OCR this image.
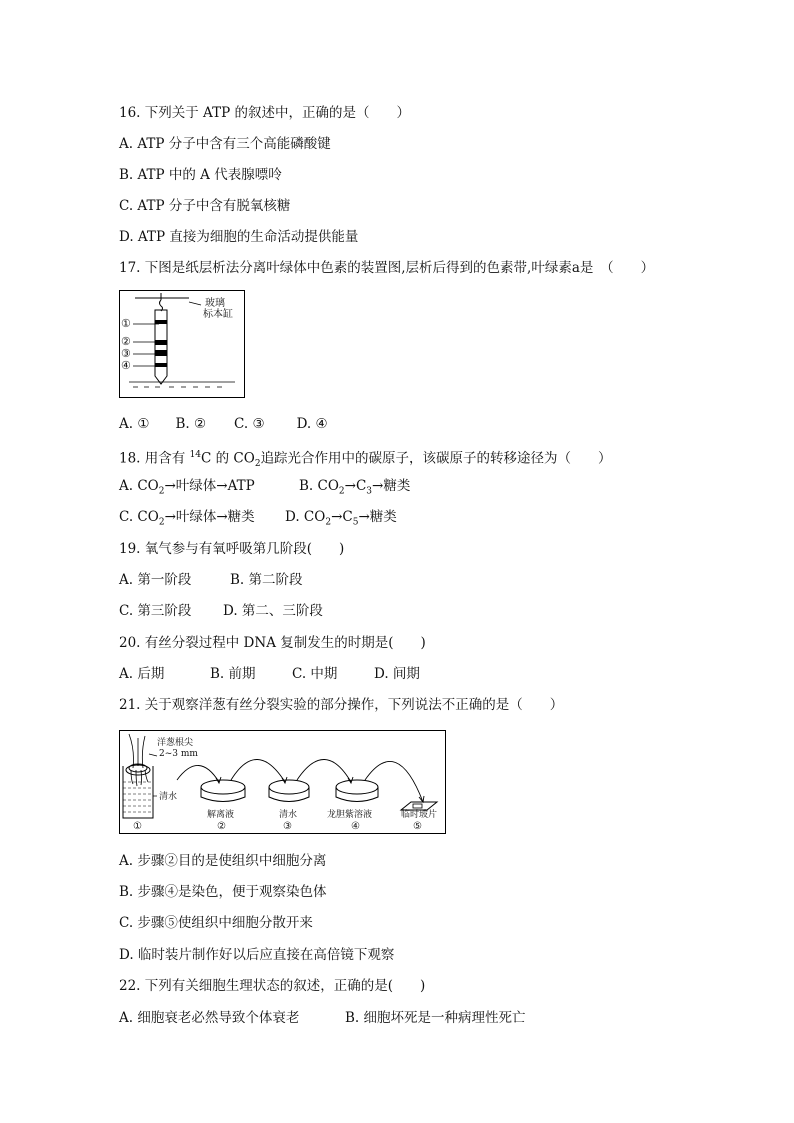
16. 下列关于 ATP 的叙述中，正确的是（　　）
A. ATP 分子中含有三个高能磷酸键
B. ATP 中的 A 代表腺嘌呤
C. ATP 分子中含有脱氧核糖
D. ATP 直接为细胞的生命活动提供能量
17. 下图是纸层析法分离叶绿体中色素的装置图,层析后得到的色素带,叶绿素a是　（　　）
玻璃
标本缸
①
②
③
④
A. ① B. ② C. ③ D. ④
18. 用含有 $^{14}$C 的 $CO_2$追踪光合作用中的碳原子，该碳原子的转移途径为（　　）
A. $CO_2\to$叶绿体→ATP	B. $CO_2\to C_3\to$糖类
C. $CO_2\to$叶绿体→糖类 D. $CO_2\to C_5\to$糖类
19. 氧气参与有氧呼吸第几阶段(　　)
A. 第一阶段	B. 第二阶段
C. 第三阶段 D. 第二、三阶段
20. 有丝分裂过程中 DNA 复制发生的时期是(　　)
A. 后期	B. 前期	C. 中期	D. 间期
21. 关于观察洋葱有丝分裂实验的部分操作，下列说法不正确的是（　　）
洋葱根尖
2~3 mm
清水
解离液	清水	龙胆紫溶液	临时玻片
①	②	③	④	⑤
A. 步骤②目的是使组织中细胞分离
B. 步骤④是染色，便于观察染色体
C. 步骤⑤使组织中细胞分散开来
D. 临时装片制作好以后应直接在高倍镜下观察
22. 下列有关细胞生理状态的叙述，正确的是(　　)
A. 细胞衰老必然导致个体衰老	B. 细胞坏死是一种病理性死亡
